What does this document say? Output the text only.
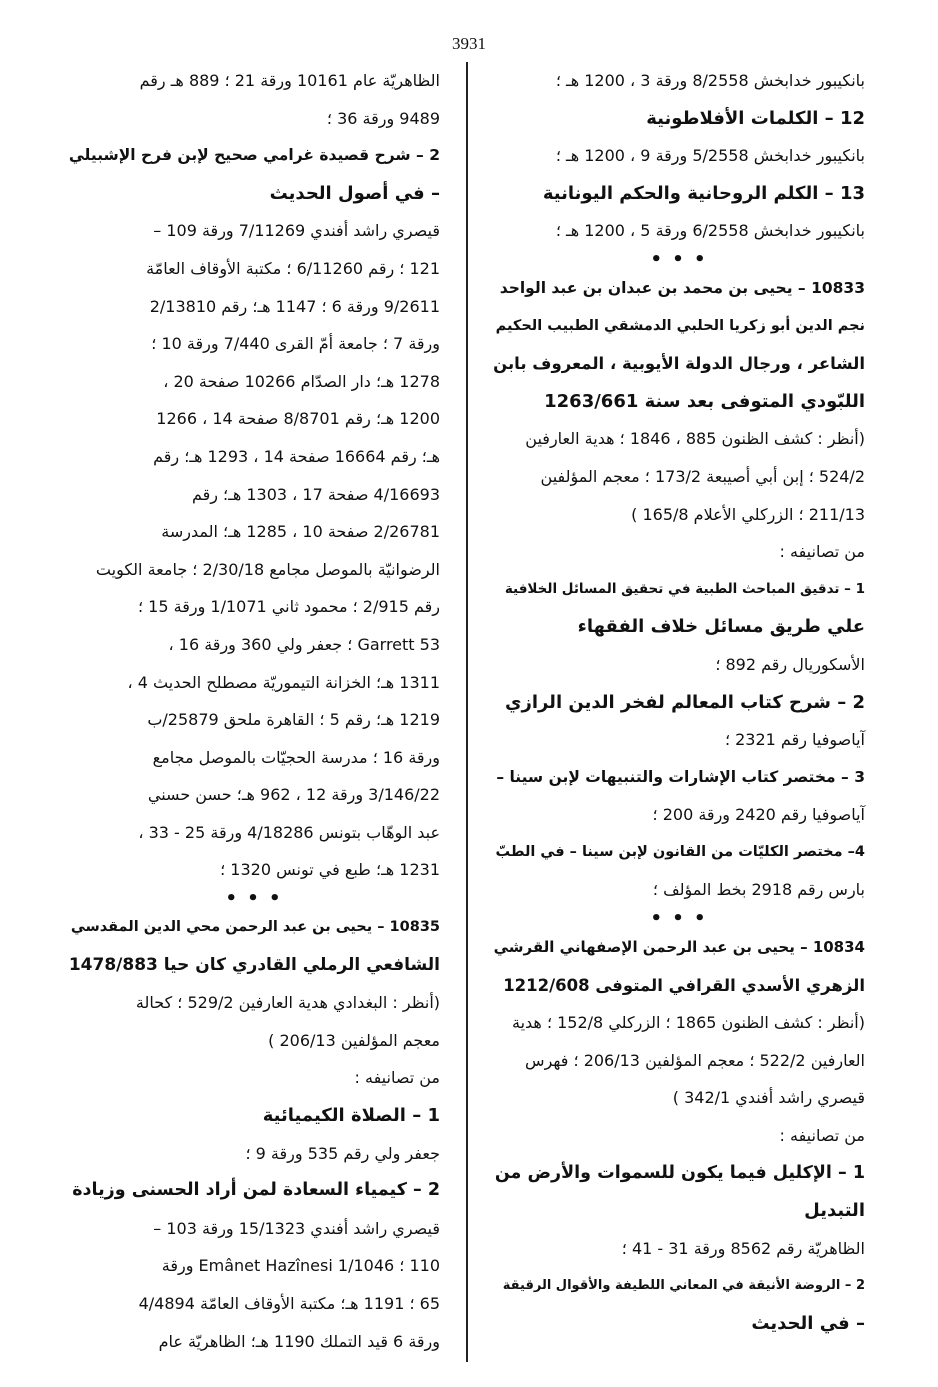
3931
بانكيبور خدابخش 8/2558 ورقة 3 ، 1200 هـ ؛
12 – الكلمات الأفلاطونية
بانكيبور خدابخش 5/2558 ورقة 9 ، 1200 هـ ؛
13 – الكلم الروحانية والحكم اليونانية
بانكيبور خدابخش 6/2558 ورقة 5 ، 1200 هـ ؛
• • •
10833 – يحيى بن محمد بن عبدان بن عبد الواحد
نجم الدين أبو زكريا الحلبي الدمشقي الطبيب الحكيم
الشاعر ، ورجال الدولة الأيوبية ، المعروف بابن
اللبّودي المتوفى بعد سنة 1263/661
(أنظر : كشف الظنون 885 ، 1846 ؛ هدية العارفين
524/2 ؛ إبن أبي أصيبعة 173/2 ؛ معجم المؤلفين
211/13 ؛ الزركلي الأعلام 165/8 )
من تصانيفه :
1 – تدقيق المباحث الطبية في تحقيق المسائل الخلافية
علي طريق مسائل خلاف الفقهاء
الأسكوريال رقم 892 ؛
2 – شرح كتاب المعالم لفخر الدين الرازي
آياصوفيا رقم 2321 ؛
3 – مختصر كتاب الإشارات والتنبيهات لإبن سينا –
آياصوفيا رقم 2420 ورقة 200 ؛
4– مختصر الكليّات من القانون لإبن سينا – في الطبّ
بارس رقم 2918 بخط المؤلف ؛
• • •
10834 – يحيى بن عبد الرحمن الإصفهاني القرشي
الزهري الأسدي القرافي المتوفى 1212/608
(أنظر : كشف الظنون 1865 ؛ الزركلي 152/8 ؛ هدية
العارفين 522/2 ؛ معجم المؤلفين 206/13 ؛ فهرس
قيصري راشد أفندي 342/1 )
من تصانيفه :
1 – الإكليل فيما يكون للسموات والأرض من
التبديل
الظاهريّة رقم 8562 ورقة 31 - 41 ؛
2 – الروضة الأنيقة في المعاني اللطيفة والأقوال الرقيقة
– في الحديث
الظاهريّة عام 10161 ورقة 21 ؛ 889 هـ رقم
9489 ورقة 36 ؛
2 – شرح قصيدة غرامي صحيح لإبن فرح الإشبيلي
– في أصول الحديث
قيصري راشد أفندي 7/11269 ورقة 109 –
121 ؛ رقم 6/11260 ؛ مكتبة الأوقاف العامّة
9/2611 ورقة 6 ؛ 1147 هـ؛ رقم 2/13810
ورقة 7 ؛ جامعة أمّ القرى 7/440 ورقة 10 ؛
1278 هـ؛ دار الصدّام 10266 صفحة 20 ،
1200 هـ؛ رقم 8/8701 صفحة 14 ، 1266
هـ؛ رقم 16664 صفحة 14 ، 1293 هـ؛ رقم
4/16693 صفحة 17 ، 1303 هـ؛ رقم
2/26781 صفحة 10 ، 1285 هـ؛ المدرسة
الرضوانيّة بالموصل مجامع 2/30/18 ؛ جامعة الكويت
رقم 2/915 ؛ محمود ثاني 1/1071 ورقة 15 ؛
Garrett 53 ؛ جعفر ولي 360 ورقة 16 ،
1311 هـ؛ الخزانة التيموريّة مصطلح الحديث 4 ،
1219 هـ؛ رقم 5 ؛ القاهرة ملحق 25879/ب
ورقة 16 ؛ مدرسة الحجيّات بالموصل مجامع
3/146/22 ورقة 12 ، 962 هـ؛ حسن حسني
عبد الوهّاب بتونس 4/18286 ورقة 25 - 33 ،
1231 هـ؛ طبع في تونس 1320 ؛
• • •
10835 – يحيى بن عبد الرحمن محي الدين المقدسي
الشافعي الرملي القادري كان حيا 1478/883
(أنظر : البغدادي هدية العارفين 529/2 ؛ كحالة
معجم المؤلفين 206/13 )
من تصانيفه :
1 – الصلاة الكيميائية
جعفر ولي رقم 535 ورقة 9 ؛
2 – كيمياء السعادة لمن أراد الحسنى وزيادة
قيصري راشد أفندي 15/1323 ورقة 103 –
110 ؛ Emânet Hazînesi 1/1046 ورقة
65 ؛ 1191 هـ؛ مكتبة الأوقاف العامّة 4/4894
ورقة 6 قيد التملك 1190 هـ؛ الظاهريّة عام
